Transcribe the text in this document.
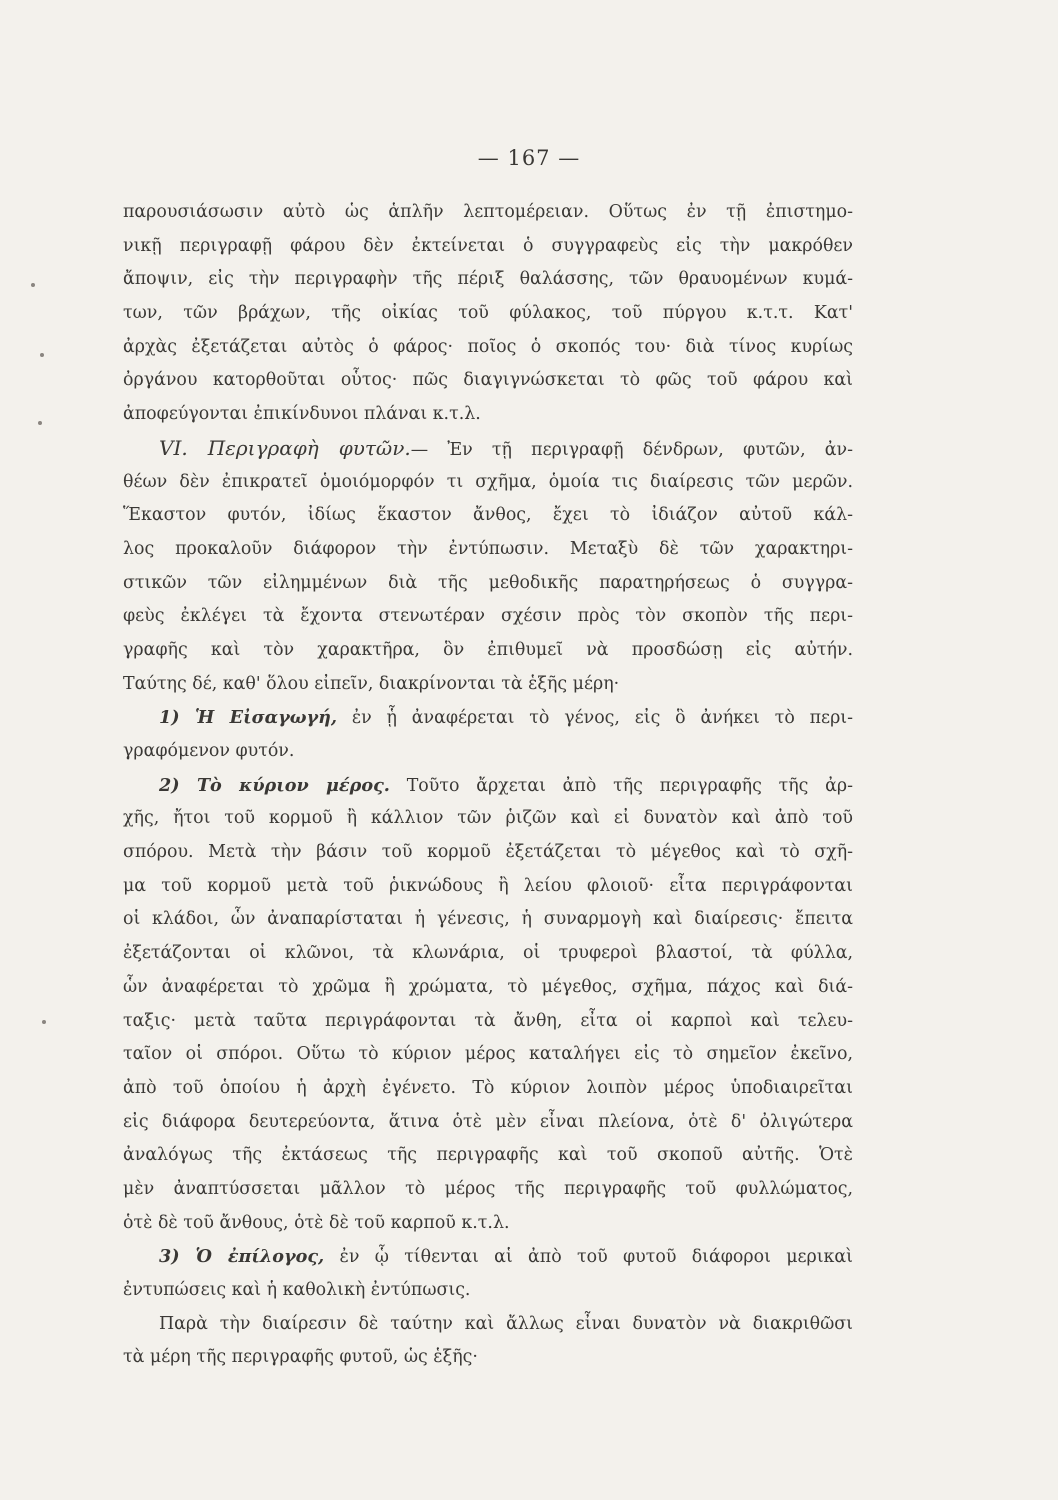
— 167 —
παρουσιάσωσιν αὐτὸ ὡς ἁπλῆν λεπτομέρειαν. Οὕτως ἐν τῇ ἐπιστημο-
νικῇ περιγραφῇ φάρου δὲν ἐκτείνεται ὁ συγγραφεὺς εἰς τὴν μακρόθεν
ἄποψιν, εἰς τὴν περιγραφὴν τῆς πέριξ θαλάσσης, τῶν θραυομένων κυμά-
των, τῶν βράχων, τῆς οἰκίας τοῦ φύλακος, τοῦ πύργου κ.τ.τ. Κατ'
ἀρχὰς ἐξετάζεται αὐτὸς ὁ φάρος· ποῖος ὁ σκοπός του· διὰ τίνος κυρίως
ὀργάνου κατορθοῦται οὗτος· πῶς διαγιγνώσκεται τὸ φῶς τοῦ φάρου καὶ
ἀποφεύγονται ἐπικίνδυνοι πλάναι κ.τ.λ.
VI. Περιγραφὴ φυτῶν.— Ἐν τῇ περιγραφῇ δένδρων, φυτῶν, ἀν-
θέων δὲν ἐπικρατεῖ ὁμοιόμορφόν τι σχῆμα, ὁμοία τις διαίρεσις τῶν μερῶν.
Ἕκαστον φυτόν, ἰδίως ἕκαστον ἄνθος, ἔχει τὸ ἰδιάζον αὐτοῦ κάλ-
λος προκαλοῦν διάφορον τὴν ἐντύπωσιν. Μεταξὺ δὲ τῶν χαρακτηρι-
στικῶν τῶν εἰλημμένων διὰ τῆς μεθοδικῆς παρατηρήσεως ὁ συγγρα-
φεὺς ἐκλέγει τὰ ἔχοντα στενωτέραν σχέσιν πρὸς τὸν σκοπὸν τῆς περι-
γραφῆς καὶ τὸν χαρακτῆρα, ὃν ἐπιθυμεῖ νὰ προσδώσῃ εἰς αὐτήν.
Ταύτης δέ, καθ' ὅλου εἰπεῖν, διακρίνονται τὰ ἑξῆς μέρη·
1) Ἡ Εἰσαγωγή, ἐν ᾗ ἀναφέρεται τὸ γένος, εἰς ὃ ἀνήκει τὸ περι-
γραφόμενον φυτόν.
2) Τὸ κύριον μέρος. Τοῦτο ἄρχεται ἀπὸ τῆς περιγραφῆς τῆς ἀρ-
χῆς, ἤτοι τοῦ κορμοῦ ἢ κάλλιον τῶν ῥιζῶν καὶ εἰ δυνατὸν καὶ ἀπὸ τοῦ
σπόρου. Μετὰ τὴν βάσιν τοῦ κορμοῦ ἐξετάζεται τὸ μέγεθος καὶ τὸ σχῆ-
μα τοῦ κορμοῦ μετὰ τοῦ ῥικνώδους ἢ λείου φλοιοῦ· εἶτα περιγράφονται
οἱ κλάδοι, ὧν ἀναπαρίσταται ἡ γένεσις, ἡ συναρμογὴ καὶ διαίρεσις· ἔπειτα
ἐξετάζονται οἱ κλῶνοι, τὰ κλωνάρια, οἱ τρυφεροὶ βλαστοί, τὰ φύλλα,
ὧν ἀναφέρεται τὸ χρῶμα ἢ χρώματα, τὸ μέγεθος, σχῆμα, πάχος καὶ διά-
ταξις· μετὰ ταῦτα περιγράφονται τὰ ἄνθη, εἶτα οἱ καρποὶ καὶ τελευ-
ταῖον οἱ σπόροι. Οὕτω τὸ κύριον μέρος καταλήγει εἰς τὸ σημεῖον ἐκεῖνο,
ἀπὸ τοῦ ὁποίου ἡ ἀρχὴ ἐγένετο. Τὸ κύριον λοιπὸν μέρος ὑποδιαιρεῖται
εἰς διάφορα δευτερεύοντα, ἅτινα ὁτὲ μὲν εἶναι πλείονα, ὁτὲ δ' ὀλιγώτερα
ἀναλόγως τῆς ἐκτάσεως τῆς περιγραφῆς καὶ τοῦ σκοποῦ αὐτῆς. Ὁτὲ
μὲν ἀναπτύσσεται μᾶλλον τὸ μέρος τῆς περιγραφῆς τοῦ φυλλώματος,
ὁτὲ δὲ τοῦ ἄνθους, ὁτὲ δὲ τοῦ καρποῦ κ.τ.λ.
3) Ὁ ἐπίλογος, ἐν ᾧ τίθενται αἱ ἀπὸ τοῦ φυτοῦ διάφοροι μερικαὶ
ἐντυπώσεις καὶ ἡ καθολικὴ ἐντύπωσις.
Παρὰ τὴν διαίρεσιν δὲ ταύτην καὶ ἄλλως εἶναι δυνατὸν νὰ διακριθῶσι
τὰ μέρη τῆς περιγραφῆς φυτοῦ, ὡς ἑξῆς·
